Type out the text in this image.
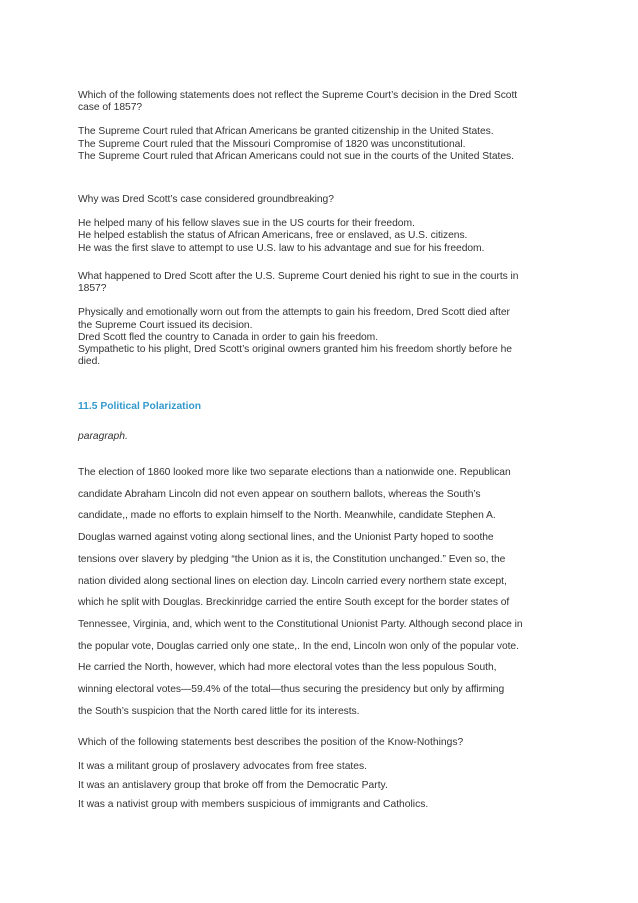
Which of the following statements does not reflect the Supreme Court’s decision in the Dred Scott

case of 1857?

The Supreme Court ruled that African Americans be granted citizenship in the United States.

The Supreme Court ruled that the Missouri Compromise of 1820 was unconstitutional.

The Supreme Court ruled that African Americans could not sue in the courts of the United States.

Why was Dred Scott’s case considered groundbreaking?

He helped many of his fellow slaves sue in the US courts for their freedom.

He helped establish the status of African Americans, free or enslaved, as U.S. citizens.

He was the first slave to attempt to use U.S. law to his advantage and sue for his freedom.

What happened to Dred Scott after the U.S. Supreme Court denied his right to sue in the courts in

1857?

Physically and emotionally worn out from the attempts to gain his freedom, Dred Scott died after

the Supreme Court issued its decision.

Dred Scott fled the country to Canada in order to gain his freedom.

Sympathetic to his plight, Dred Scott’s original owners granted him his freedom shortly before he

died.

11.5 Political Polarization

paragraph.

The election of 1860 looked more like two separate elections than a nationwide one. Republican

candidate Abraham Lincoln did not even appear on southern ballots, whereas the South’s

candidate,, made no efforts to explain himself to the North. Meanwhile, candidate Stephen A.

Douglas warned against voting along sectional lines, and the Unionist Party hoped to soothe

tensions over slavery by pledging “the Union as it is, the Constitution unchanged.” Even so, the

nation divided along sectional lines on election day. Lincoln carried every northern state except,

which he split with Douglas. Breckinridge carried the entire South except for the border states of

Tennessee, Virginia, and, which went to the Constitutional Unionist Party. Although second place in

the popular vote, Douglas carried only one state,. In the end, Lincoln won only of the popular vote.

He carried the North, however, which had more electoral votes than the less populous South,

winning electoral votes—59.4% of the total—thus securing the presidency but only by affirming

the South’s suspicion that the North cared little for its interests.

Which of the following statements best describes the position of the Know-Nothings?

It was a militant group of proslavery advocates from free states.

It was an antislavery group that broke off from the Democratic Party.

It was a nativist group with members suspicious of immigrants and Catholics.
